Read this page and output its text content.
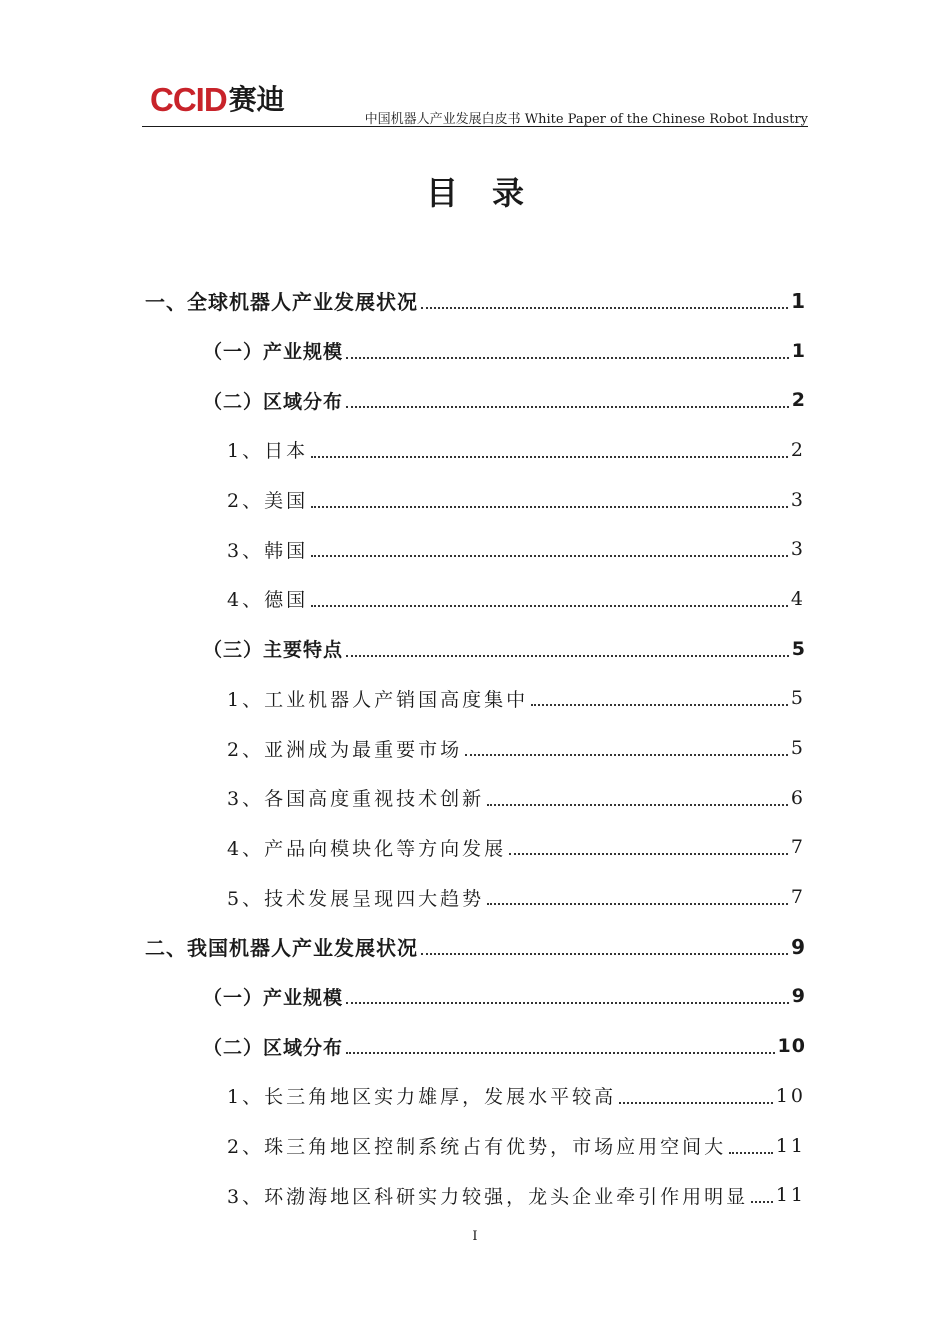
CCID 赛迪
中国机器人产业发展白皮书 White Paper of the Chinese Robot Industry
目录
一、全球机器人产业发展状况	1
（一）产业规模	1
（二）区域分布	2
1、日本	2
2、美国	3
3、韩国	3
4、德国	4
（三）主要特点	5
1、工业机器人产销国高度集中	5
2、亚洲成为最重要市场	5
3、各国高度重视技术创新	6
4、产品向模块化等方向发展	7
5、技术发展呈现四大趋势	7
二、我国机器人产业发展状况	9
（一）产业规模	9
（二）区域分布	10
1、长三角地区实力雄厚，发展水平较高	10
2、珠三角地区控制系统占有优势，市场应用空间大	11
3、环渤海地区科研实力较强，龙头企业牵引作用明显 11
I
